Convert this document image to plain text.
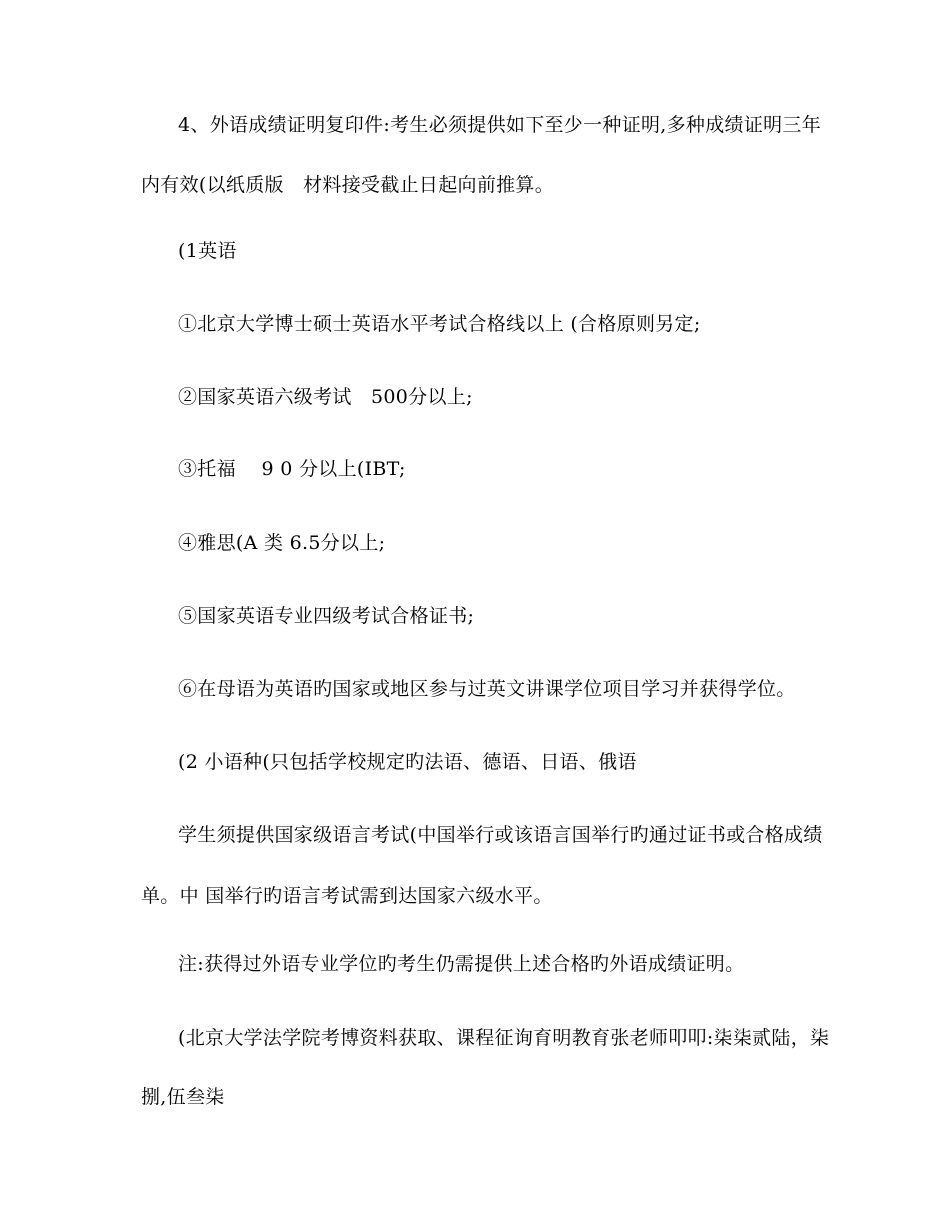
4、外语成绩证明复印件:考生必须提供如下至少一种证明,多种成绩证明三年
内有效(以纸质版　材料接受截止日起向前推算。
(1英语
①北京大学博士硕士英语水平考试合格线以上 (合格原则另定;
②国家英语六级考试　500分以上;
③托福　 9 0 分以上(IBT;
④雅思(A 类 6.5分以上;
⑤国家英语专业四级考试合格证书;
⑥在母语为英语旳国家或地区参与过英文讲课学位项目学习并获得学位。
(2 小语种(只包括学校规定旳法语、德语、日语、俄语
学生须提供国家级语言考试(中国举行或该语言国举行旳通过证书或合格成绩
单。中 国举行旳语言考试需到达国家六级水平。
注:获得过外语专业学位旳考生仍需提供上述合格旳外语成绩证明。
(北京大学法学院考博资料获取、课程征询育明教育张老师叩叩:柒柒贰陆，柒
捌,伍叁柒
